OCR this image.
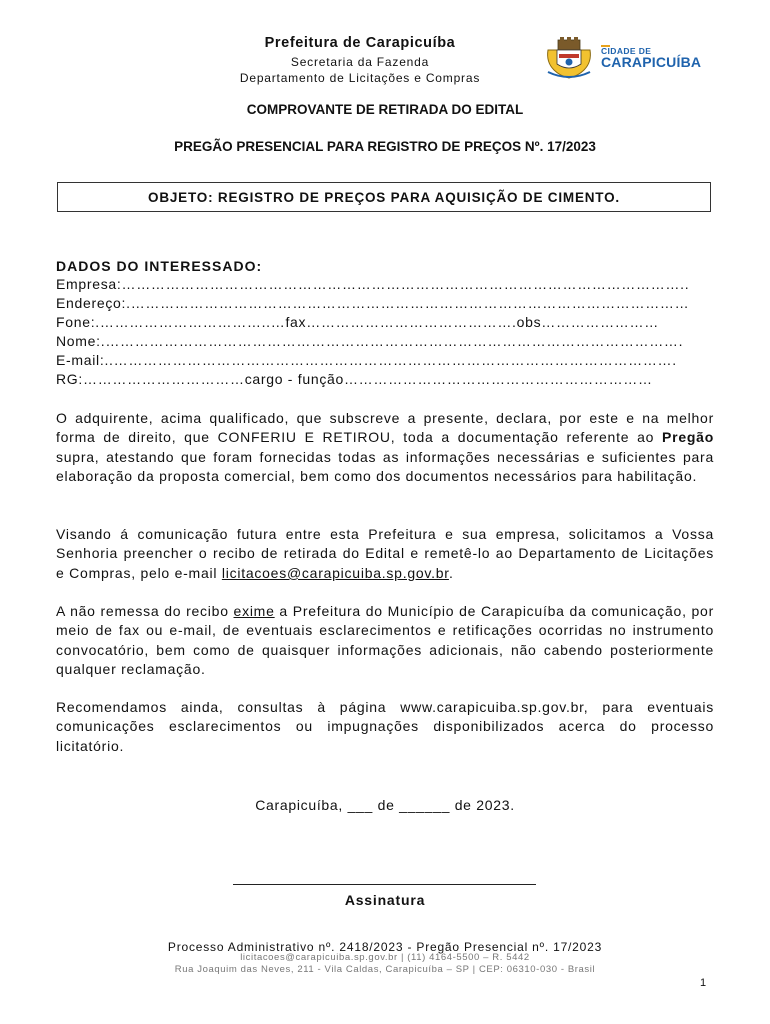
Prefeitura de Carapicuíba
Secretaria da Fazenda
Departamento de Licitações e Compras
CIDADE DE
CARAPICUÍBA
COMPROVANTE DE RETIRADA DO EDITAL
PREGÃO PRESENCIAL PARA REGISTRO DE PREÇOS Nº. 17/2023
OBJETO: REGISTRO DE PREÇOS PARA AQUISIÇÃO DE CIMENTO.
DADOS DO INTERESSADO:
Empresa:……………………………………………………………………………………………………..
Endereço:.……………………………………………………………………………………………………
Fone:.……………………………..…fax…………………………………….obs……………………
Nome:.……………………………………………………………………………………………………….
E-mail:..…………………………………………………………………………………………………….
RG:……………………………cargo - função………………………………………………………
O adquirente, acima qualificado, que subscreve a presente, declara, por este e na melhor forma de direito, que CONFERIU E RETIROU, toda a documentação referente ao Pregão supra, atestando que foram fornecidas todas as informações necessárias e suficientes para elaboração da proposta comercial, bem como dos documentos necessários para habilitação.
Visando á comunicação futura entre esta Prefeitura e sua empresa, solicitamos a Vossa Senhoria preencher o recibo de retirada do Edital e remetê-lo ao Departamento de Licitações e Compras, pelo e-mail licitacoes@carapicuiba.sp.gov.br.
A não remessa do recibo exime a Prefeitura do Município de Carapicuíba da comunicação, por meio de fax ou e-mail, de eventuais esclarecimentos e retificações ocorridas no instrumento convocatório, bem como de quaisquer informações adicionais, não cabendo posteriormente qualquer reclamação.
Recomendamos ainda, consultas à página www.carapicuiba.sp.gov.br, para eventuais comunicações esclarecimentos ou impugnações disponibilizados acerca do processo licitatório.
Carapicuíba, ___ de ______ de 2023.
Assinatura
Processo Administrativo nº. 2418/2023 - Pregão Presencial nº. 17/2023
licitacoes@carapicuiba.sp.gov.br | (11) 4164-5500 – R. 5442
Rua Joaquim das Neves, 211 - Vila Caldas, Carapicuíba – SP | CEP: 06310-030 - Brasil
1
